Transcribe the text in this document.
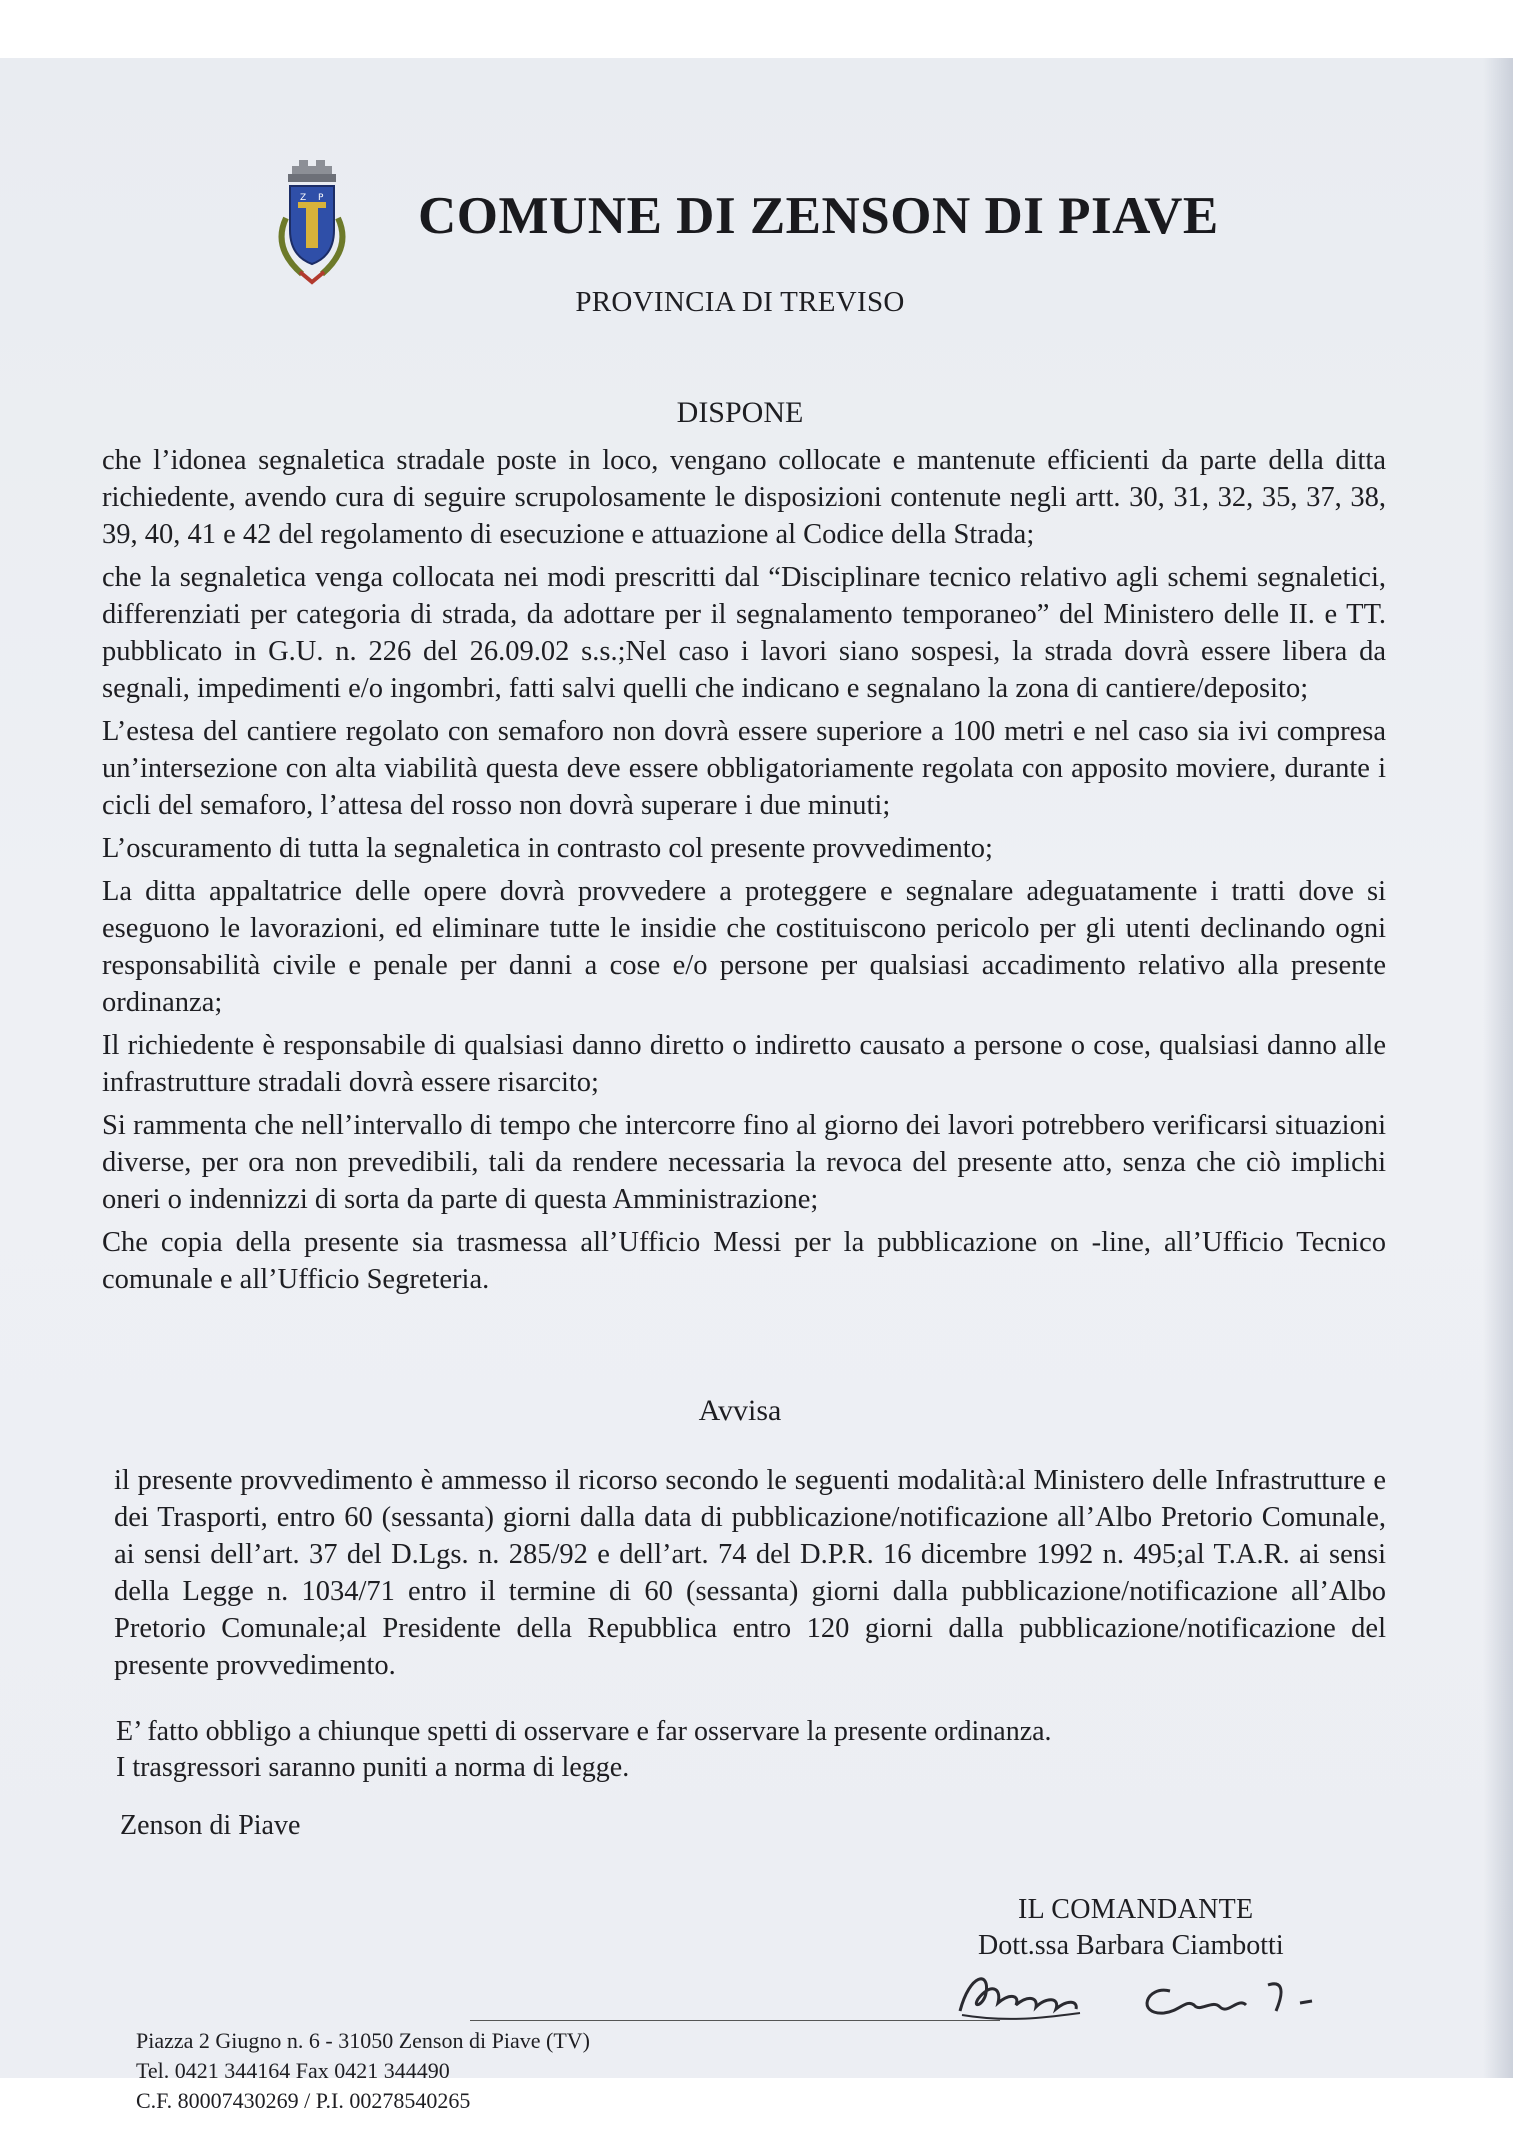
Z P COMUNE DI ZENSON DI PIAVE
PROVINCIA DI TREVISO
DISPONE

che l’idonea segnaletica stradale poste in loco, vengano collocate e mantenute efficienti da parte della ditta richiedente, avendo cura di seguire scrupolosamente le disposizioni contenute negli artt. 30, 31, 32, 35, 37, 38, 39, 40, 41 e 42 del regolamento di esecuzione e attuazione al Codice della Strada;

che la segnaletica venga collocata nei modi prescritti dal “Disciplinare tecnico relativo agli schemi segnaletici, differenziati per categoria di strada, da adottare per il segnalamento temporaneo” del Ministero delle II. e TT. pubblicato in G.U. n. 226 del 26.09.02 s.s.;Nel caso i lavori siano sospesi, la strada dovrà essere libera da segnali, impedimenti e/o ingombri, fatti salvi quelli che indicano e segnalano la zona di cantiere/deposito;

L’estesa del cantiere regolato con semaforo non dovrà essere superiore a 100 metri e nel caso sia ivi compresa un’intersezione con alta viabilità questa deve essere obbligatoriamente regolata con apposito moviere, durante i cicli del semaforo, l’attesa del rosso non dovrà superare i due minuti;

L’oscuramento di tutta la segnaletica in contrasto col presente provvedimento;

La ditta appaltatrice delle opere dovrà provvedere a proteggere e segnalare adeguatamente i tratti dove si eseguono le lavorazioni, ed eliminare tutte le insidie che costituiscono pericolo per gli utenti declinando ogni responsabilità civile e penale per danni a cose e/o persone per qualsiasi accadimento relativo alla presente ordinanza;

Il richiedente è responsabile di qualsiasi danno diretto o indiretto causato a persone o cose, qualsiasi danno alle infrastrutture stradali dovrà essere risarcito;

Si rammenta che nell’intervallo di tempo che intercorre fino al giorno dei lavori potrebbero verificarsi situazioni diverse, per ora non prevedibili, tali da rendere necessaria la revoca del presente atto, senza che ciò implichi oneri o indennizzi di sorta da parte di questa Amministrazione;

Che copia della presente sia trasmessa all’Ufficio Messi per la pubblicazione on -line, all’Ufficio Tecnico comunale e all’Ufficio Segreteria.

Avvisa

il presente provvedimento è ammesso il ricorso secondo le seguenti modalità:al Ministero delle Infrastrutture e dei Trasporti, entro 60 (sessanta) giorni dalla data di pubblicazione/notificazione all’Albo Pretorio Comunale, ai sensi dell’art. 37 del D.Lgs. n. 285/92 e dell’art. 74 del D.P.R. 16 dicembre 1992 n. 495;al T.A.R. ai sensi della Legge n. 1034/71 entro il termine di 60 (sessanta) giorni dalla pubblicazione/notificazione all’Albo Pretorio Comunale;al Presidente della Repubblica entro 120 giorni dalla pubblicazione/notificazione del presente provvedimento.

E’ fatto obbligo a chiunque spetti di osservare e far osservare la presente ordinanza.

I trasgressori saranno puniti a norma di legge.

Zenson di Piave
IL COMANDANTE
Dott.ssa Barbara Ciambotti
Piazza 2 Giugno n. 6 - 31050 Zenson di Piave (TV)
Tel. 0421 344164 Fax 0421 344490
C.F. 80007430269 / P.I. 00278540265
